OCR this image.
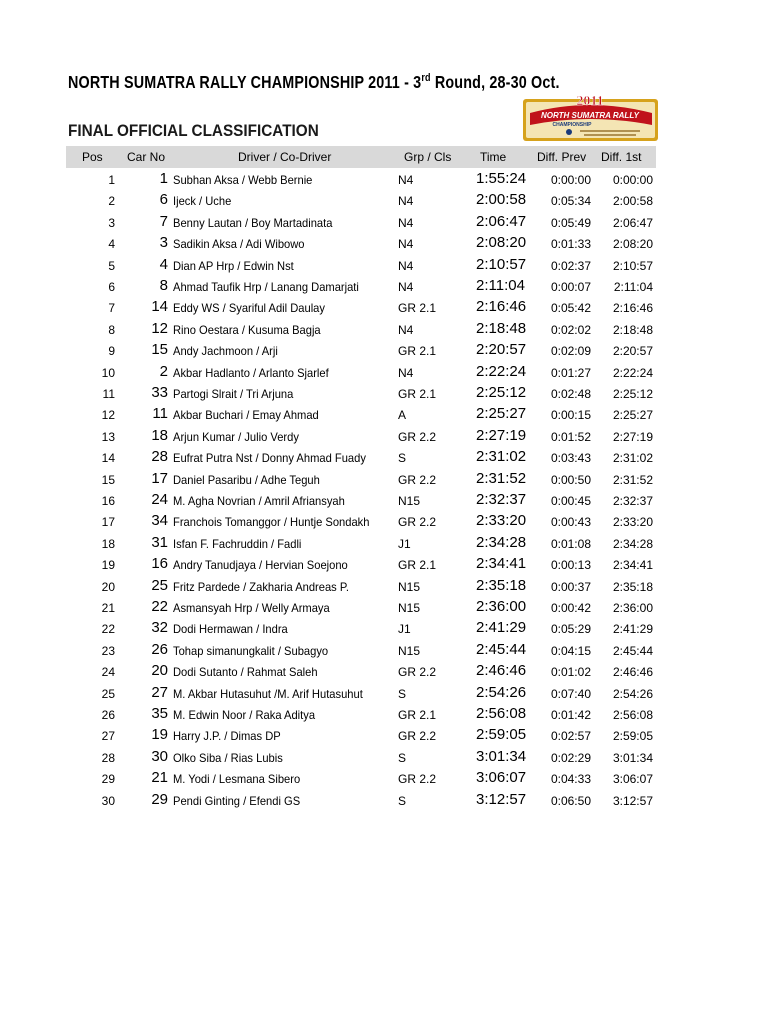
NORTH SUMATRA RALLY CHAMPIONSHIP 2011 - 3rd Round, 28-30 Oct.
FINAL OFFICIAL CLASSIFICATION
2011
NORTH SUMATRA RALLY
CHAMPIONSHIP
Pos Car No	Driver / Co-Driver	Grp / Cls Time	Diff. Prev Diff. 1st
1	1 Subhan Aksa / Webb Bernie	N4	1:55:24	0:00:00	0:00:00
2	6 Ijeck / Uche	N4	2:00:58	0:05:34	2:00:58
3	7 Benny Lautan / Boy Martadinata	N4	2:06:47	0:05:49	2:06:47
4	3 Sadikin Aksa / Adi Wibowo	N4	2:08:20	0:01:33	2:08:20
5	4 Dian AP Hrp / Edwin Nst	N4	2:10:57	0:02:37	2:10:57
6	8 Ahmad Taufik Hrp / Lanang Damarjati	N4	2:11:04	0:00:07	2:11:04
7	14 Eddy WS / Syariful Adil Daulay	GR 2.1	2:16:46	0:05:42	2:16:46
8	12 Rino Oestara / Kusuma Bagja	N4	2:18:48	0:02:02	2:18:48
9	15 Andy Jachmoon / Arji	GR 2.1	2:20:57	0:02:09	2:20:57
10	2 Akbar Hadlanto / Arlanto Sjarlef	N4	2:22:24	0:01:27	2:22:24
11	33 Partogi Slrait / Tri Arjuna	GR 2.1	2:25:12	0:02:48	2:25:12
12	11 Akbar Buchari / Emay Ahmad	A	2:25:27	0:00:15	2:25:27
13	18 Arjun Kumar / Julio Verdy	GR 2.2	2:27:19	0:01:52	2:27:19
14	28 Eufrat Putra Nst / Donny Ahmad Fuady	S	2:31:02	0:03:43	2:31:02
15	17 Daniel Pasaribu / Adhe Teguh	GR 2.2	2:31:52	0:00:50	2:31:52
16	24 M. Agha Novrian / Amril Afriansyah	N15	2:32:37	0:00:45	2:32:37
17	34 Franchois Tomanggor / Huntje Sondakh GR 2.2	2:33:20	0:00:43	2:33:20
18	31 Isfan F. Fachruddin / Fadli	J1	2:34:28	0:01:08	2:34:28
19	16 Andry Tanudjaya / Hervian Soejono	GR 2.1	2:34:41	0:00:13	2:34:41
20	25 Fritz Pardede / Zakharia Andreas P.	N15	2:35:18	0:00:37	2:35:18
21	22 Asmansyah Hrp / Welly Armaya	N15	2:36:00	0:00:42	2:36:00
22	32 Dodi Hermawan / Indra	J1	2:41:29	0:05:29	2:41:29
23	26 Tohap simanungkalit / Subagyo	N15	2:45:44	0:04:15	2:45:44
24	20 Dodi Sutanto / Rahmat Saleh	GR 2.2	2:46:46	0:01:02	2:46:46
25	27 M. Akbar Hutasuhut /M. Arif Hutasuhut	S	2:54:26	0:07:40	2:54:26
26	35 M. Edwin Noor / Raka Aditya	GR 2.1	2:56:08	0:01:42	2:56:08
27	19 Harry J.P. / Dimas DP	GR 2.2	2:59:05	0:02:57	2:59:05
28	30 Olko Siba / Rias Lubis	S	3:01:34	0:02:29	3:01:34
29	21 M. Yodi / Lesmana Sibero	GR 2.2	3:06:07	0:04:33	3:06:07
30	29 Pendi Ginting / Efendi GS	S	3:12:57	0:06:50	3:12:57
